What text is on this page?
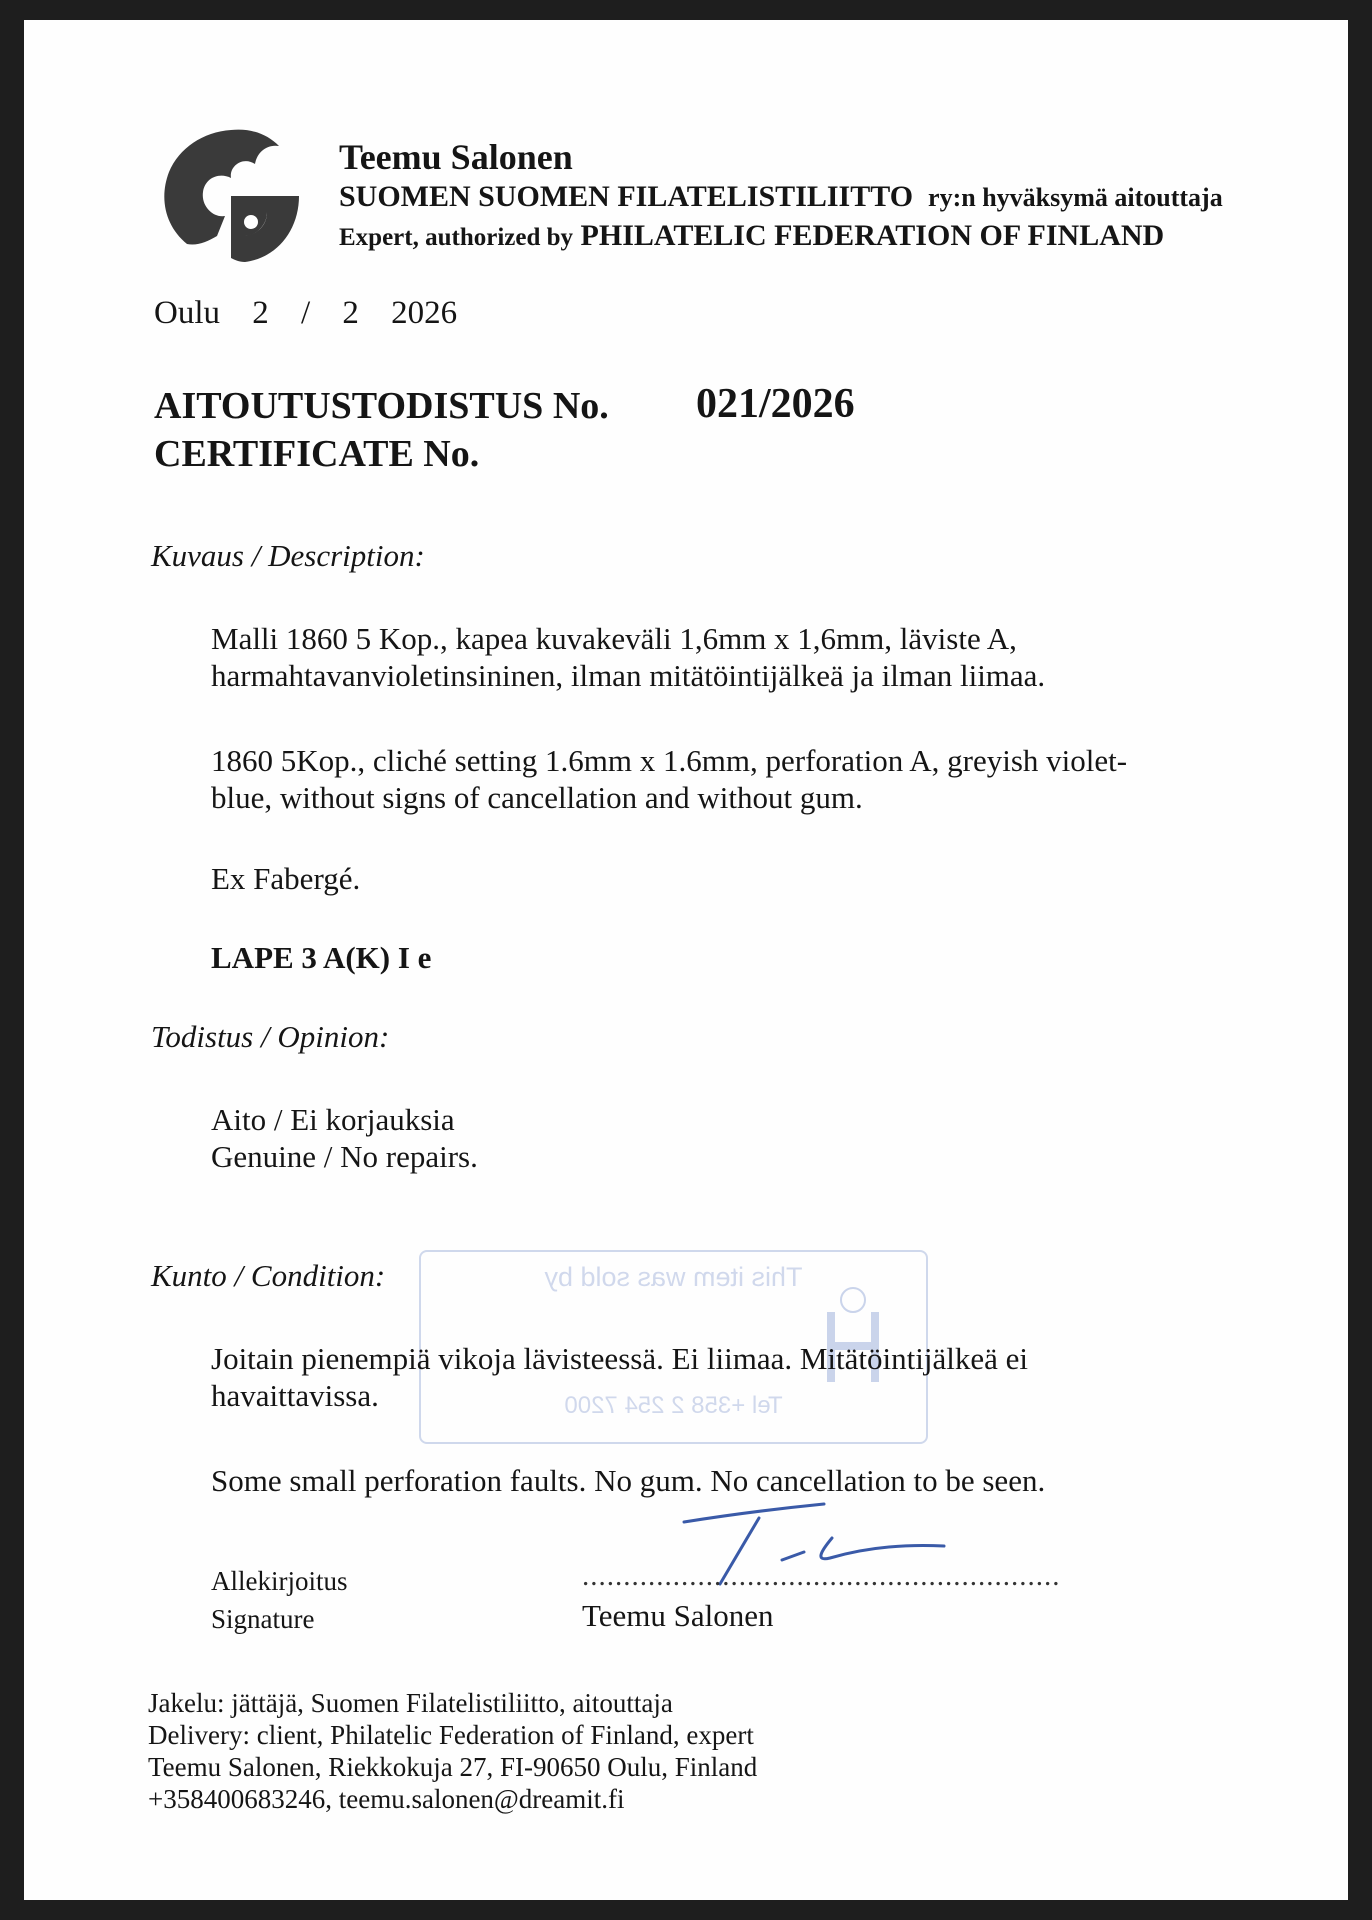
Teemu Salonen
SUOMEN SUOMEN FILATELISTILIITTO ry:n hyväksymä aitouttaja
Expert, authorized by PHILATELIC FEDERATION OF FINLAND
Oulu 2 / 2 2026
AITOUTUSTODISTUS No.
CERTIFICATE No.
021/2026
Kuvaus / Description:
Malli 1860 5 Kop., kapea kuvakeväli 1,6mm x 1,6mm, läviste A,
harmahtavanvioletinsininen, ilman mitätöintijälkeä ja ilman liimaa.
1860 5Kop., cliché setting 1.6mm x 1.6mm, perforation A, greyish violet-
blue, without signs of cancellation and without gum.
Ex Fabergé.
LAPE 3 A(K) I e
Todistus / Opinion:
Aito / Ei korjauksia
Genuine / No repairs.
This item was sold by
Tel +358 2 254 7200
Kunto / Condition:
Joitain pienempiä vikoja lävisteessä. Ei liimaa. Mitätöintijälkeä ei
havaittavissa.
Some small perforation faults. No gum. No cancellation to be seen.
Allekirjoitus
Signature
..........................................................
Teemu Salonen
Jakelu: jättäjä, Suomen Filatelistiliitto, aitouttaja
Delivery: client, Philatelic Federation of Finland, expert
Teemu Salonen, Riekkokuja 27, FI-90650 Oulu, Finland
+358400683246, teemu.salonen@dreamit.fi
